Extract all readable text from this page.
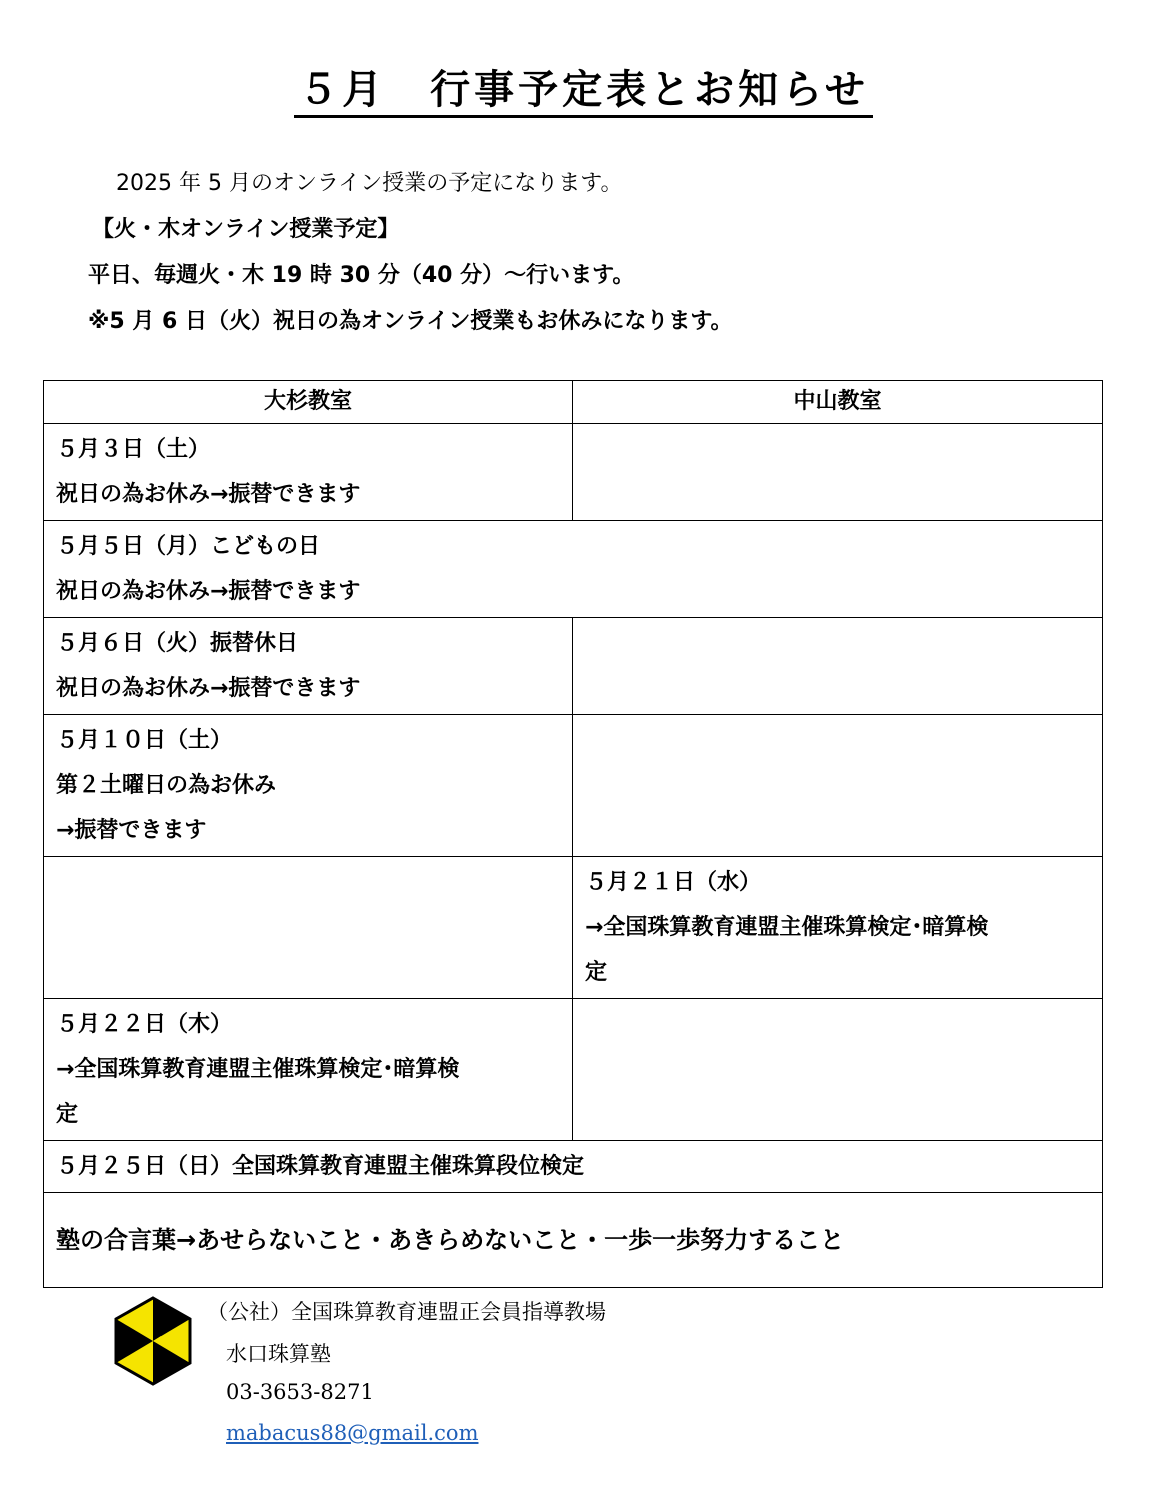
５月　行事予定表とお知らせ
2025 年 5 月のオンライン授業の予定になります。
【火・木オンライン授業予定】
平日、毎週火・木 19 時 30 分（40 分）～行います。
※5 月 6 日（火）祝日の為オンライン授業もお休みになります。
大杉教室	中山教室

５月３日（土）
祝日の為お休み→振替できます	

５月５日（月）こどもの日
祝日の為お休み→振替できます	

５月６日（火）振替休日
祝日の為お休み→振替できます	

５月１０日（土）
第２土曜日の為お休み
→振替できます	

	５月２１日（水）
→全国珠算教育連盟主催珠算検定･暗算検
定

５月２２日（木）
→全国珠算教育連盟主催珠算検定･暗算検
定	

５月２５日（日）全国珠算教育連盟主催珠算段位検定	

塾の合言葉→あせらないこと・あきらめないこと・一歩一歩努力すること	
（公社）全国珠算教育連盟正会員指導教場
水口珠算塾
03-3653-8271
mabacus88@gmail.com
